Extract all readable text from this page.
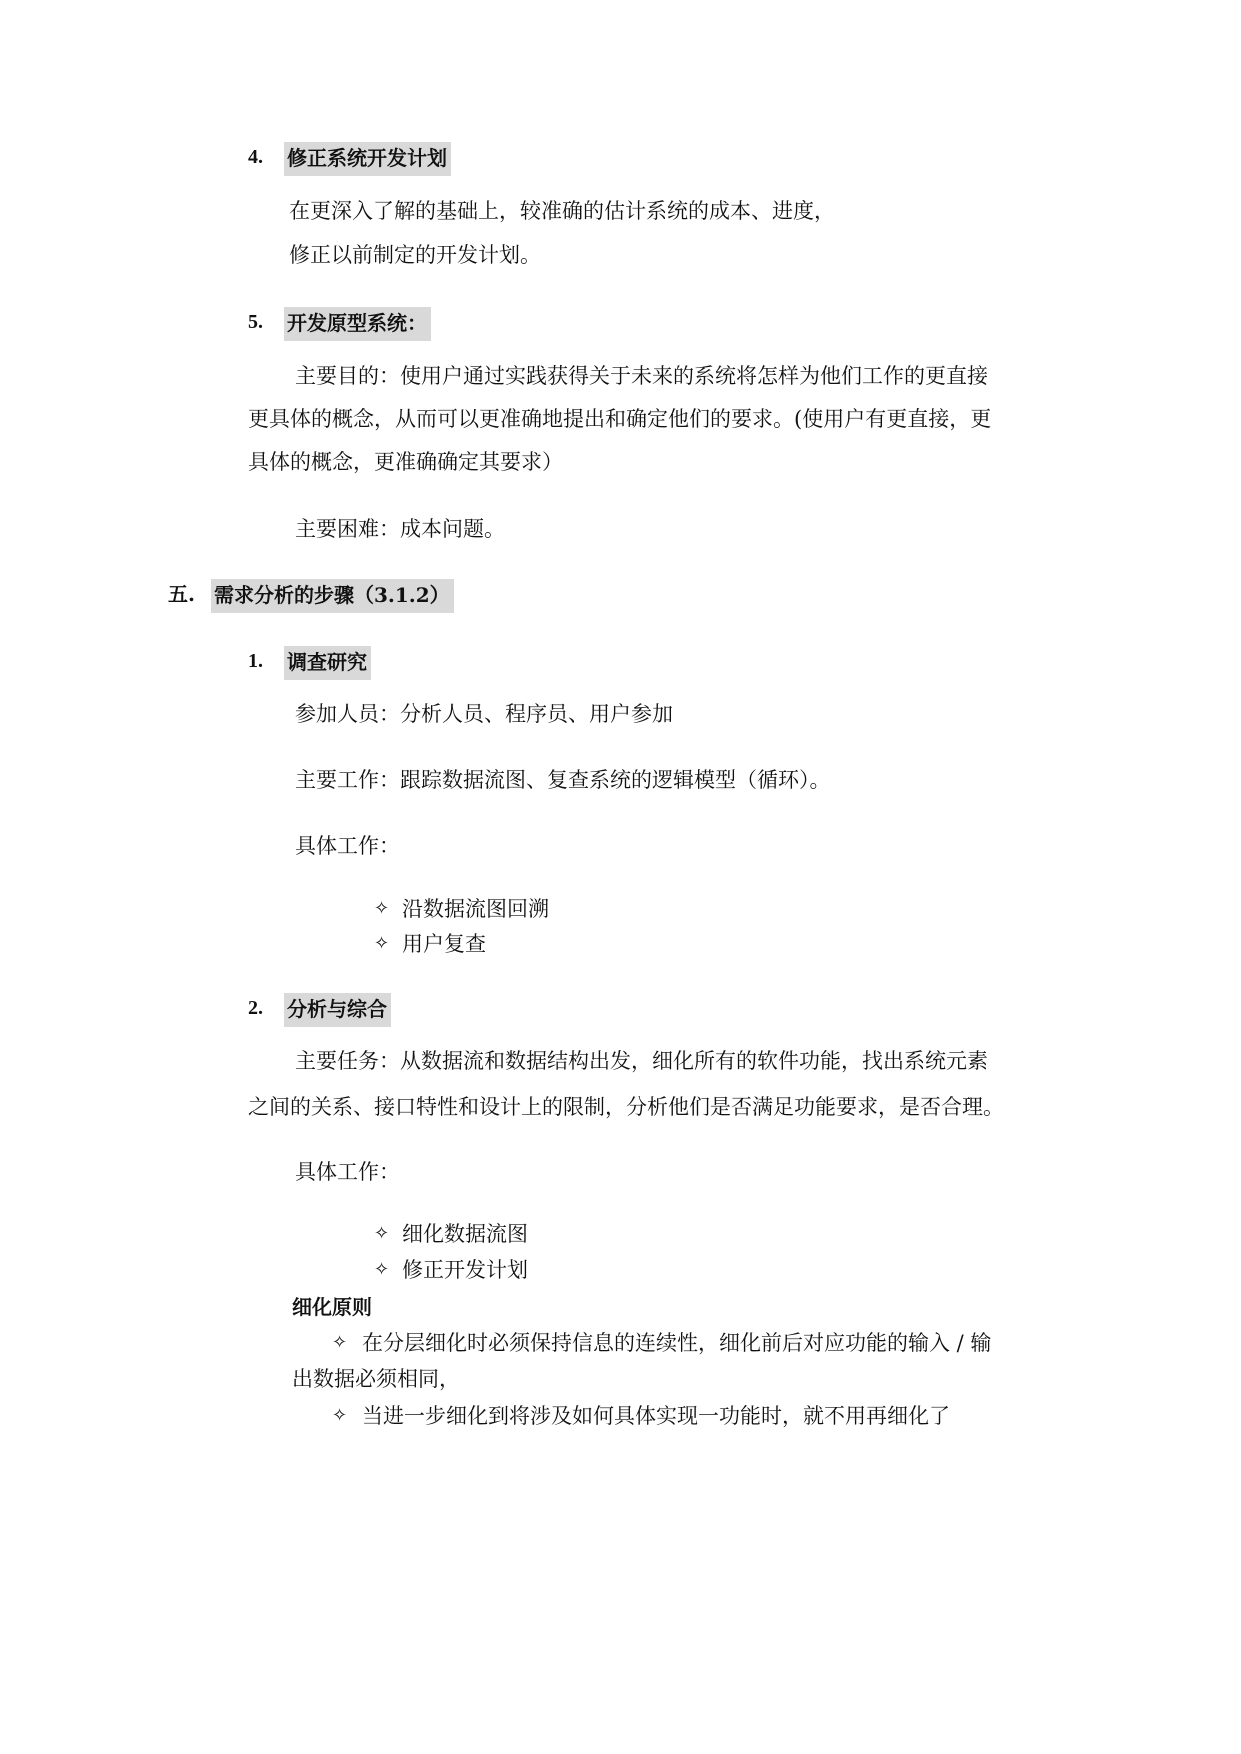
4. 修正系统开发计划
在更深入了解的基础上，较准确的估计系统的成本、进度，
修正以前制定的开发计划。
5. 开发原型系统：
主要目的：使用户通过实践获得关于未来的系统将怎样为他们工作的更直接
更具体的概念，从而可以更准确地提出和确定他们的要求。(使用户有更直接，更
具体的概念，更准确确定其要求）
主要困难：成本问题。
五. 需求分析的步骤（3.1.2）
1. 调查研究
参加人员：分析人员、程序员、用户参加
主要工作：跟踪数据流图、复查系统的逻辑模型（循环）。
具体工作：
✧ 沿数据流图回溯
✧ 用户复查
2. 分析与综合
主要任务：从数据流和数据结构出发，细化所有的软件功能，找出系统元素
之间的关系、接口特性和设计上的限制，分析他们是否满足功能要求，是否合理。
具体工作：
✧ 细化数据流图
✧ 修正开发计划
细化原则
✧ 在分层细化时必须保持信息的连续性，细化前后对应功能的输入 / 输
出数据必须相同，
✧ 当进一步细化到将涉及如何具体实现一功能时，就不用再细化了
